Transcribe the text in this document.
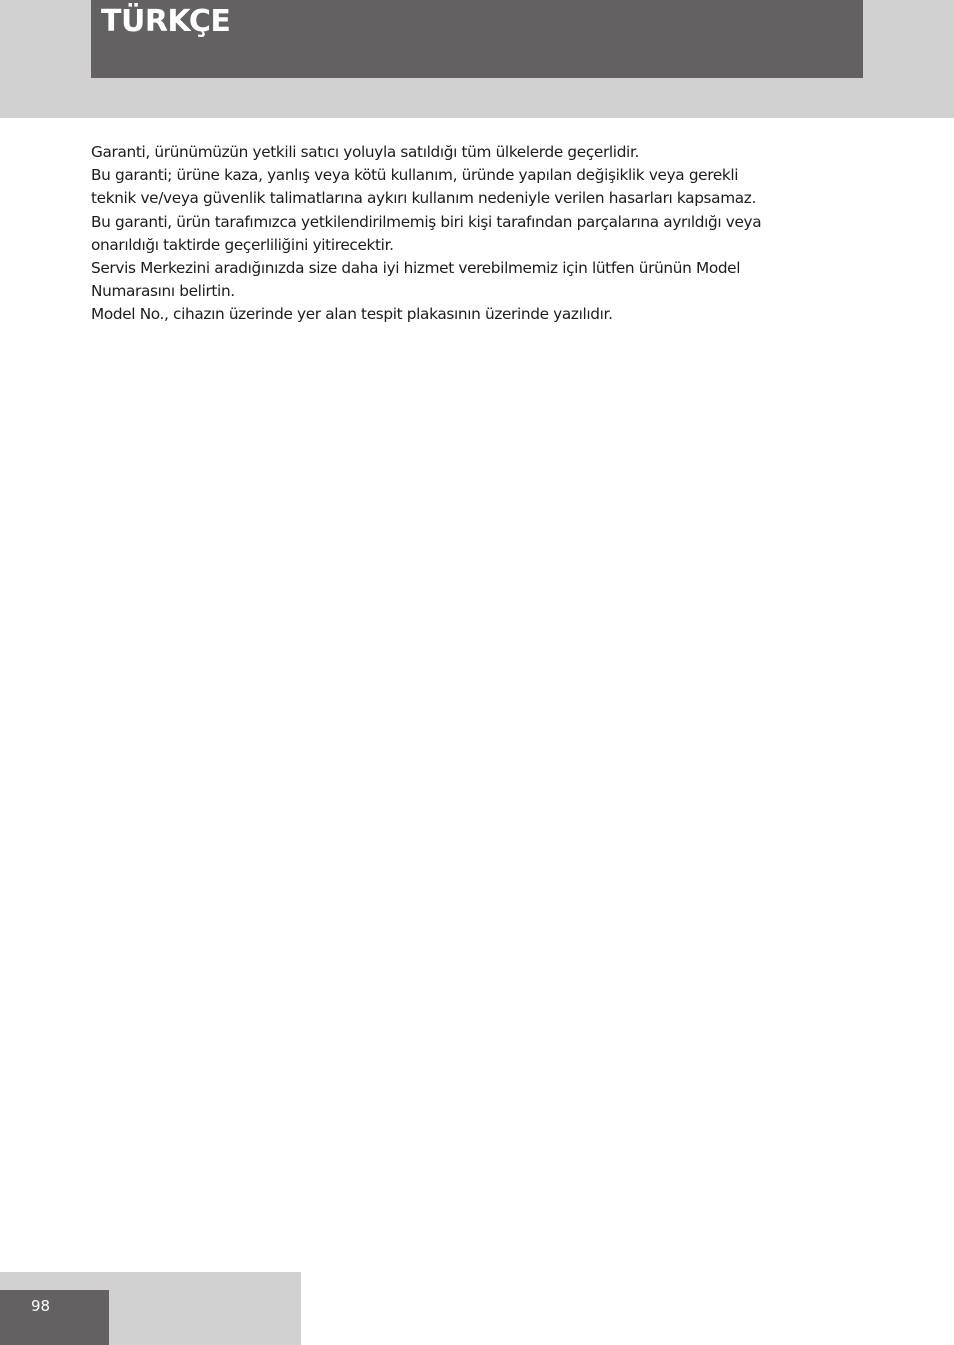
TÜRKÇE
Garanti, ürünümüzün yetkili satıcı yoluyla satıldığı tüm ülkelerde geçerlidir.
Bu garanti; ürüne kaza, yanlış veya kötü kullanım, üründe yapılan değişiklik veya gerekli
teknik ve/veya güvenlik talimatlarına aykırı kullanım nedeniyle verilen hasarları kapsamaz.
Bu garanti, ürün tarafımızca yetkilendirilmemiş biri kişi tarafından parçalarına ayrıldığı veya
onarıldığı taktirde geçerliliğini yitirecektir.
Servis Merkezini aradığınızda size daha iyi hizmet verebilmemiz için lütfen ürünün Model
Numarasını belirtin.
Model No., cihazın üzerinde yer alan tespit plakasının üzerinde yazılıdır.
98
